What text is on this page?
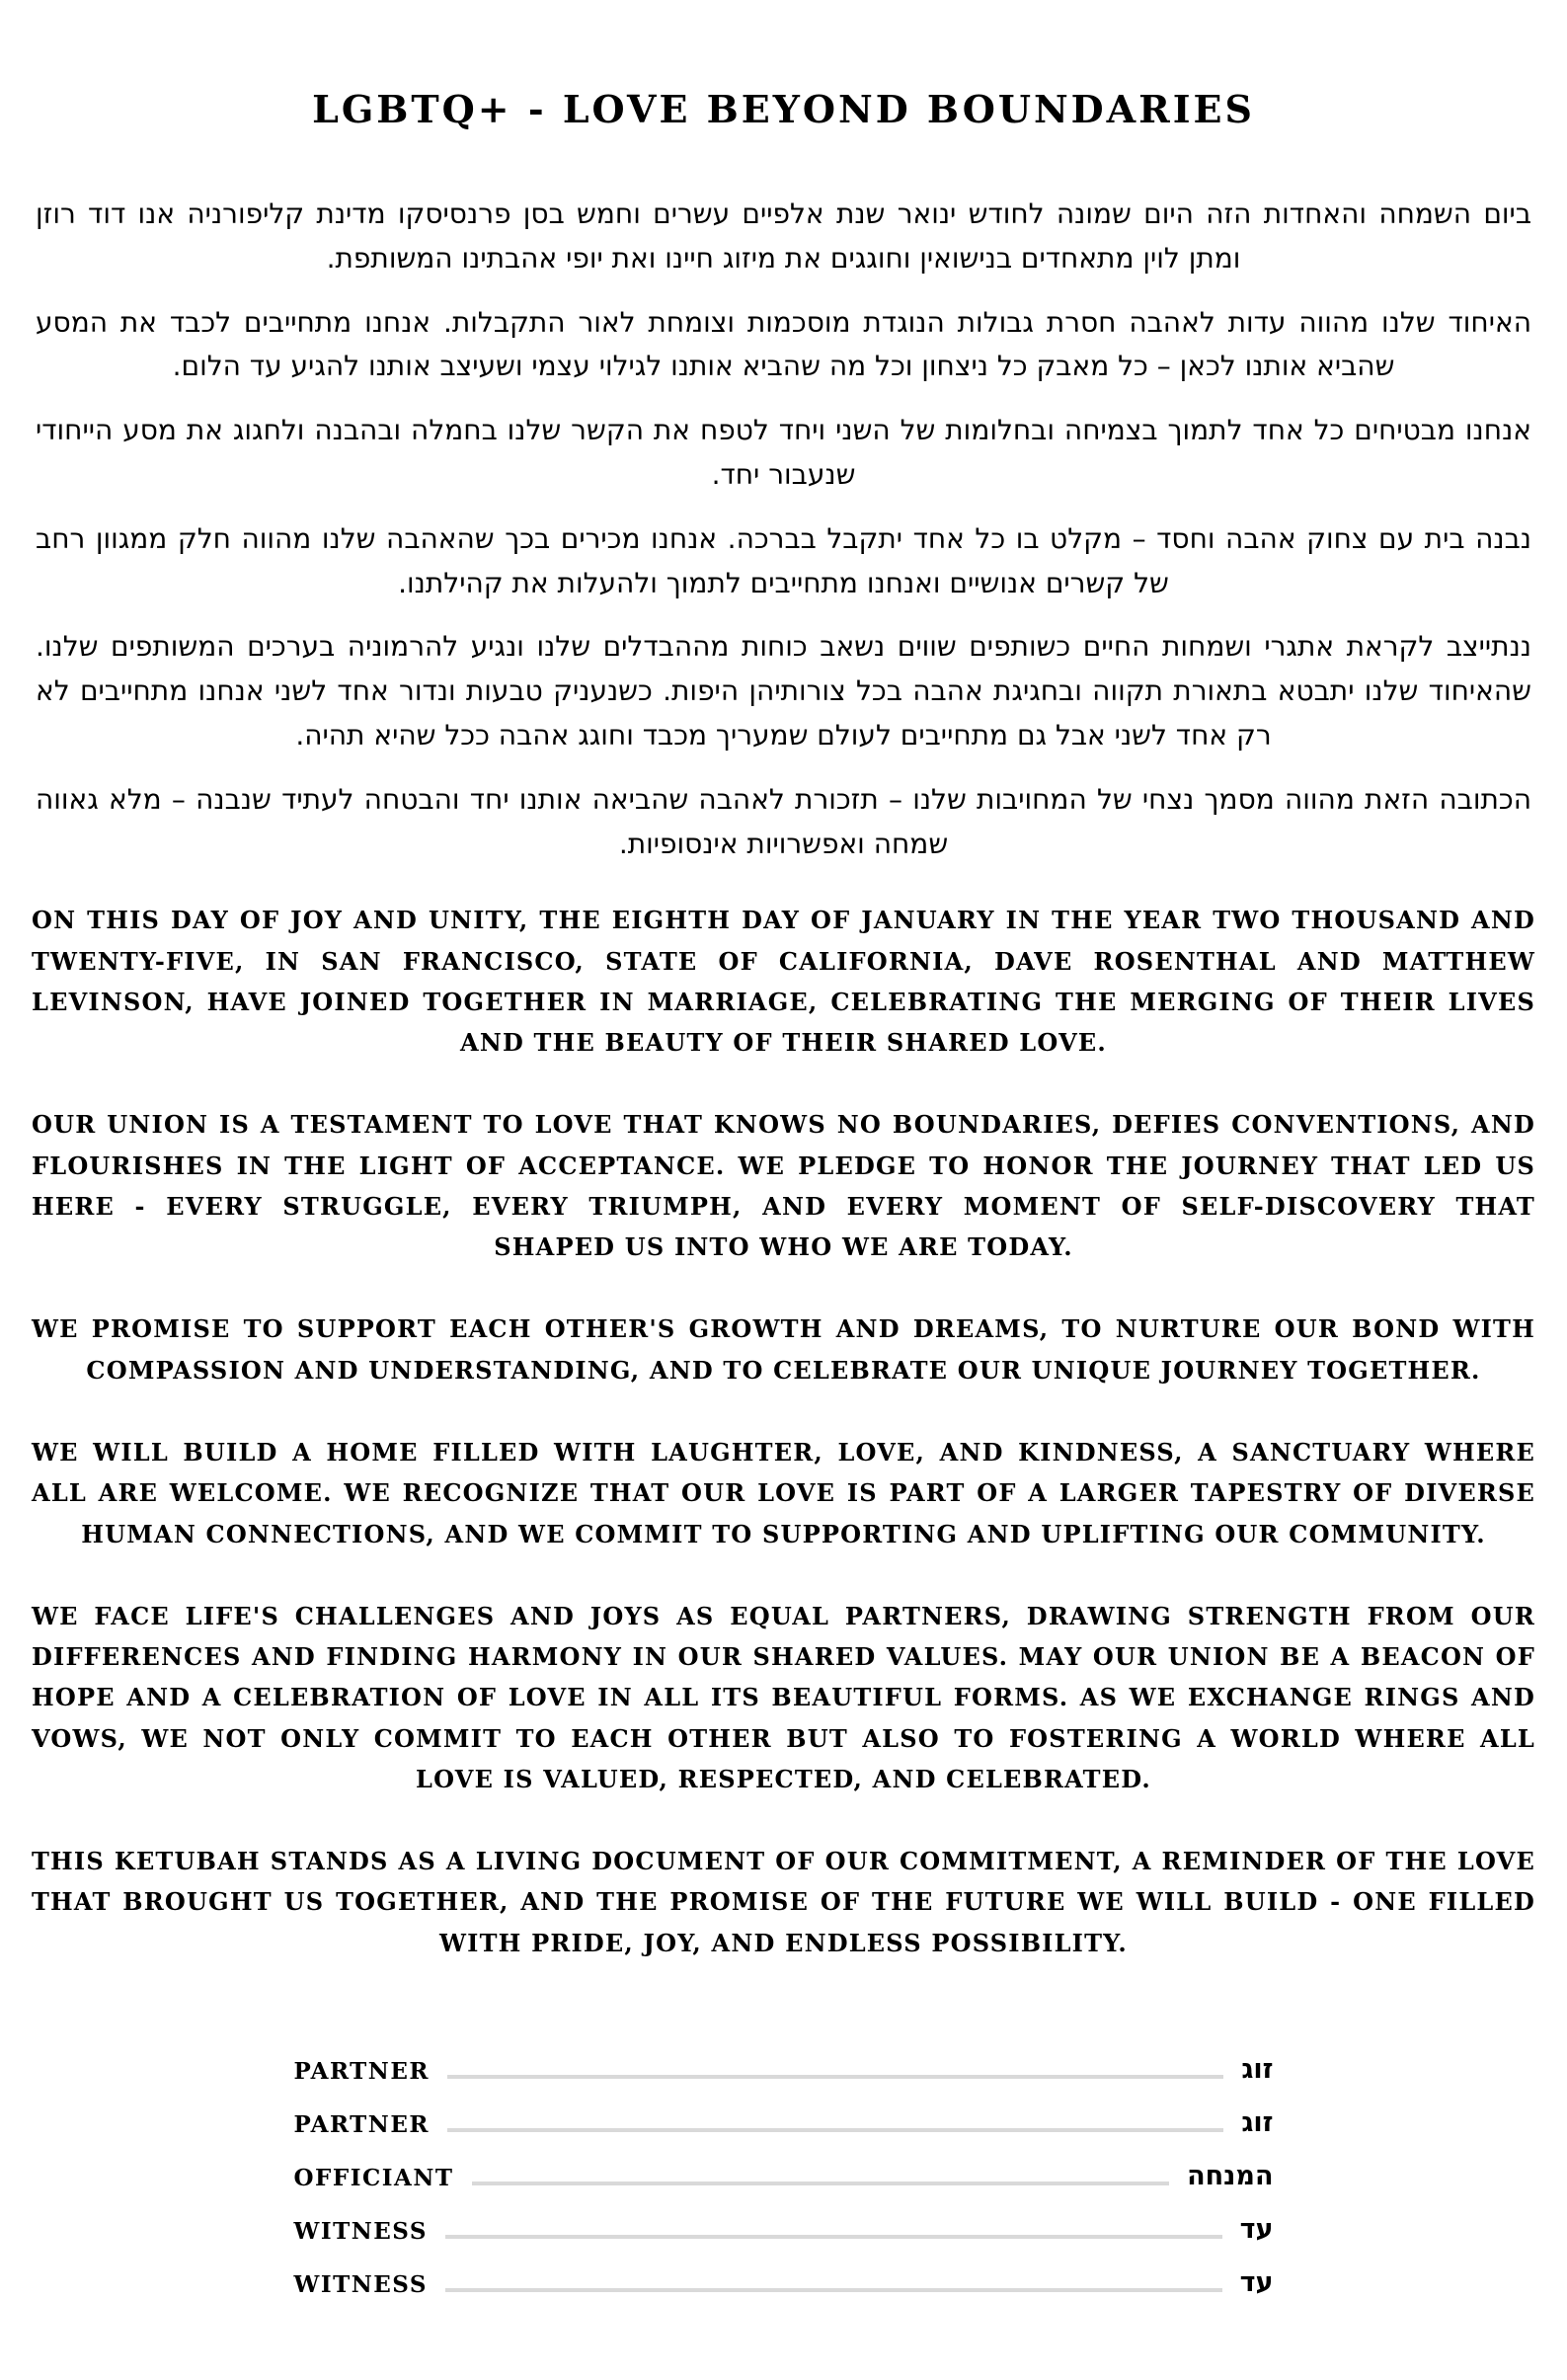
LGBTQ+ - LOVE BEYOND BOUNDARIES

ביום השמחה והאחדות הזה היום שמונה לחודש ינואר שנת אלפיים עשרים וחמש בסן פרנסיסקו מדינת קליפורניה אנו דוד רוזן ומתן לוין מתאחדים בנישואין וחוגגים את מיזוג חיינו ואת יופי אהבתינו המשותפת.

האיחוד שלנו מהווה עדות לאהבה חסרת גבולות הנוגדת מוסכמות וצומחת לאור התקבלות. אנחנו מתחייבים לכבד את המסע שהביא אותנו לכאן – כל מאבק כל ניצחון וכל מה שהביא אותנו לגילוי עצמי ושעיצב אותנו להגיע עד הלום.

אנחנו מבטיחים כל אחד לתמוך בצמיחה ובחלומות של השני ויחד לטפח את הקשר שלנו בחמלה ובהבנה ולחגוג את מסע הייחודי שנעבור יחד.

נבנה בית עם צחוק אהבה וחסד – מקלט בו כל אחד יתקבל בברכה. אנחנו מכירים בכך שהאהבה שלנו מהווה חלק ממגוון רחב של קשרים אנושיים ואנחנו מתחייבים לתמוך ולהעלות את קהילתנו.

ננתייצב לקראת אתגרי ושמחות החיים כשותפים שווים נשאב כוחות מההבדלים שלנו ונגיע להרמוניה בערכים המשותפים שלנו. שהאיחוד שלנו יתבטא בתאורת תקווה ובחגיגת אהבה בכל צורותיהן היפות. כשנעניק טבעות ונדור אחד לשני אנחנו מתחייבים לא רק אחד לשני אבל גם מתחייבים לעולם שמעריך מכבד וחוגג אהבה ככל שהיא תהיה.

הכתובה הזאת מהווה מסמך נצחי של המחויבות שלנו – תזכורת לאהבה שהביאה אותנו יחד והבטחה לעתיד שנבנה – מלא גאווה שמחה ואפשרויות אינסופיות.

ON THIS DAY OF JOY AND UNITY, THE EIGHTH DAY OF JANUARY IN THE YEAR TWO THOUSAND AND TWENTY-FIVE, IN SAN FRANCISCO, STATE OF CALIFORNIA, DAVE ROSENTHAL AND MATTHEW LEVINSON, HAVE JOINED TOGETHER IN MARRIAGE, CELEBRATING THE MERGING OF THEIR LIVES AND THE BEAUTY OF THEIR SHARED LOVE.

OUR UNION IS A TESTAMENT TO LOVE THAT KNOWS NO BOUNDARIES, DEFIES CONVENTIONS, AND FLOURISHES IN THE LIGHT OF ACCEPTANCE. WE PLEDGE TO HONOR THE JOURNEY THAT LED US HERE - EVERY STRUGGLE, EVERY TRIUMPH, AND EVERY MOMENT OF SELF-DISCOVERY THAT SHAPED US INTO WHO WE ARE TODAY.

WE PROMISE TO SUPPORT EACH OTHER'S GROWTH AND DREAMS, TO NURTURE OUR BOND WITH COMPASSION AND UNDERSTANDING, AND TO CELEBRATE OUR UNIQUE JOURNEY TOGETHER.

WE WILL BUILD A HOME FILLED WITH LAUGHTER, LOVE, AND KINDNESS, A SANCTUARY WHERE ALL ARE WELCOME. WE RECOGNIZE THAT OUR LOVE IS PART OF A LARGER TAPESTRY OF DIVERSE HUMAN CONNECTIONS, AND WE COMMIT TO SUPPORTING AND UPLIFTING OUR COMMUNITY.

WE FACE LIFE'S CHALLENGES AND JOYS AS EQUAL PARTNERS, DRAWING STRENGTH FROM OUR DIFFERENCES AND FINDING HARMONY IN OUR SHARED VALUES. MAY OUR UNION BE A BEACON OF HOPE AND A CELEBRATION OF LOVE IN ALL ITS BEAUTIFUL FORMS. AS WE EXCHANGE RINGS AND VOWS, WE NOT ONLY COMMIT TO EACH OTHER BUT ALSO TO FOSTERING A WORLD WHERE ALL LOVE IS VALUED, RESPECTED, AND CELEBRATED.

THIS KETUBAH STANDS AS A LIVING DOCUMENT OF OUR COMMITMENT, A REMINDER OF THE LOVE THAT BROUGHT US TOGETHER, AND THE PROMISE OF THE FUTURE WE WILL BUILD - ONE FILLED WITH PRIDE, JOY, AND ENDLESS POSSIBILITY.

PARTNER	זוג
PARTNER	זוג
OFFICIANT	המנחה
WITNESS	עד
WITNESS	עד
